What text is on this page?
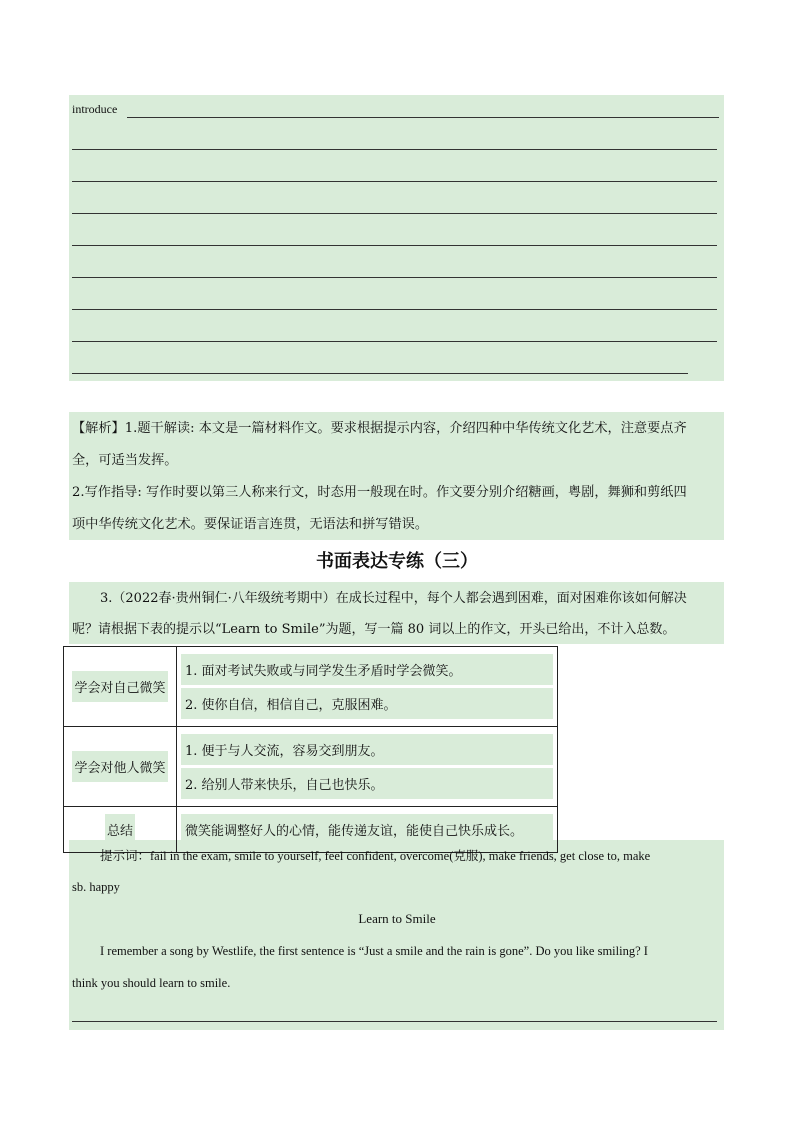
introduce
【解析】1.题干解读: 本文是一篇材料作文。要求根据提示内容，介绍四种中华传统文化艺术，注意要点齐
全，可适当发挥。
2.写作指导: 写作时要以第三人称来行文，时态用一般现在时。作文要分别介绍糖画，粤剧，舞狮和剪纸四
项中华传统文化艺术。要保证语言连贯，无语法和拼写错误。
书面表达专练（三）
3.（2022春·贵州铜仁·八年级统考期中）在成长过程中，每个人都会遇到困难，面对困难你该如何解决
呢？请根据下表的提示以“Learn to Smile”为题，写一篇 80 词以上的作文，开头已给出，不计入总数。
学会对自己微笑	1. 面对考试失败或与同学发生矛盾时学会微笑。
2. 使你自信，相信自己，克服困难。

学会对他人微笑	1. 便于与人交流，容易交到朋友。
2. 给别人带来快乐，自己也快乐。

总结	微笑能调整好人的心情，能传递友谊，能使自己快乐成长。
提示词：fail in the exam, smile to yourself, feel confident, overcome(克服), make friends, get close to, make
sb. happy
Learn to Smile
I remember a song by Westlife, the first sentence is “Just a smile and the rain is gone”. Do you like smiling? I
think you should learn to smile.
